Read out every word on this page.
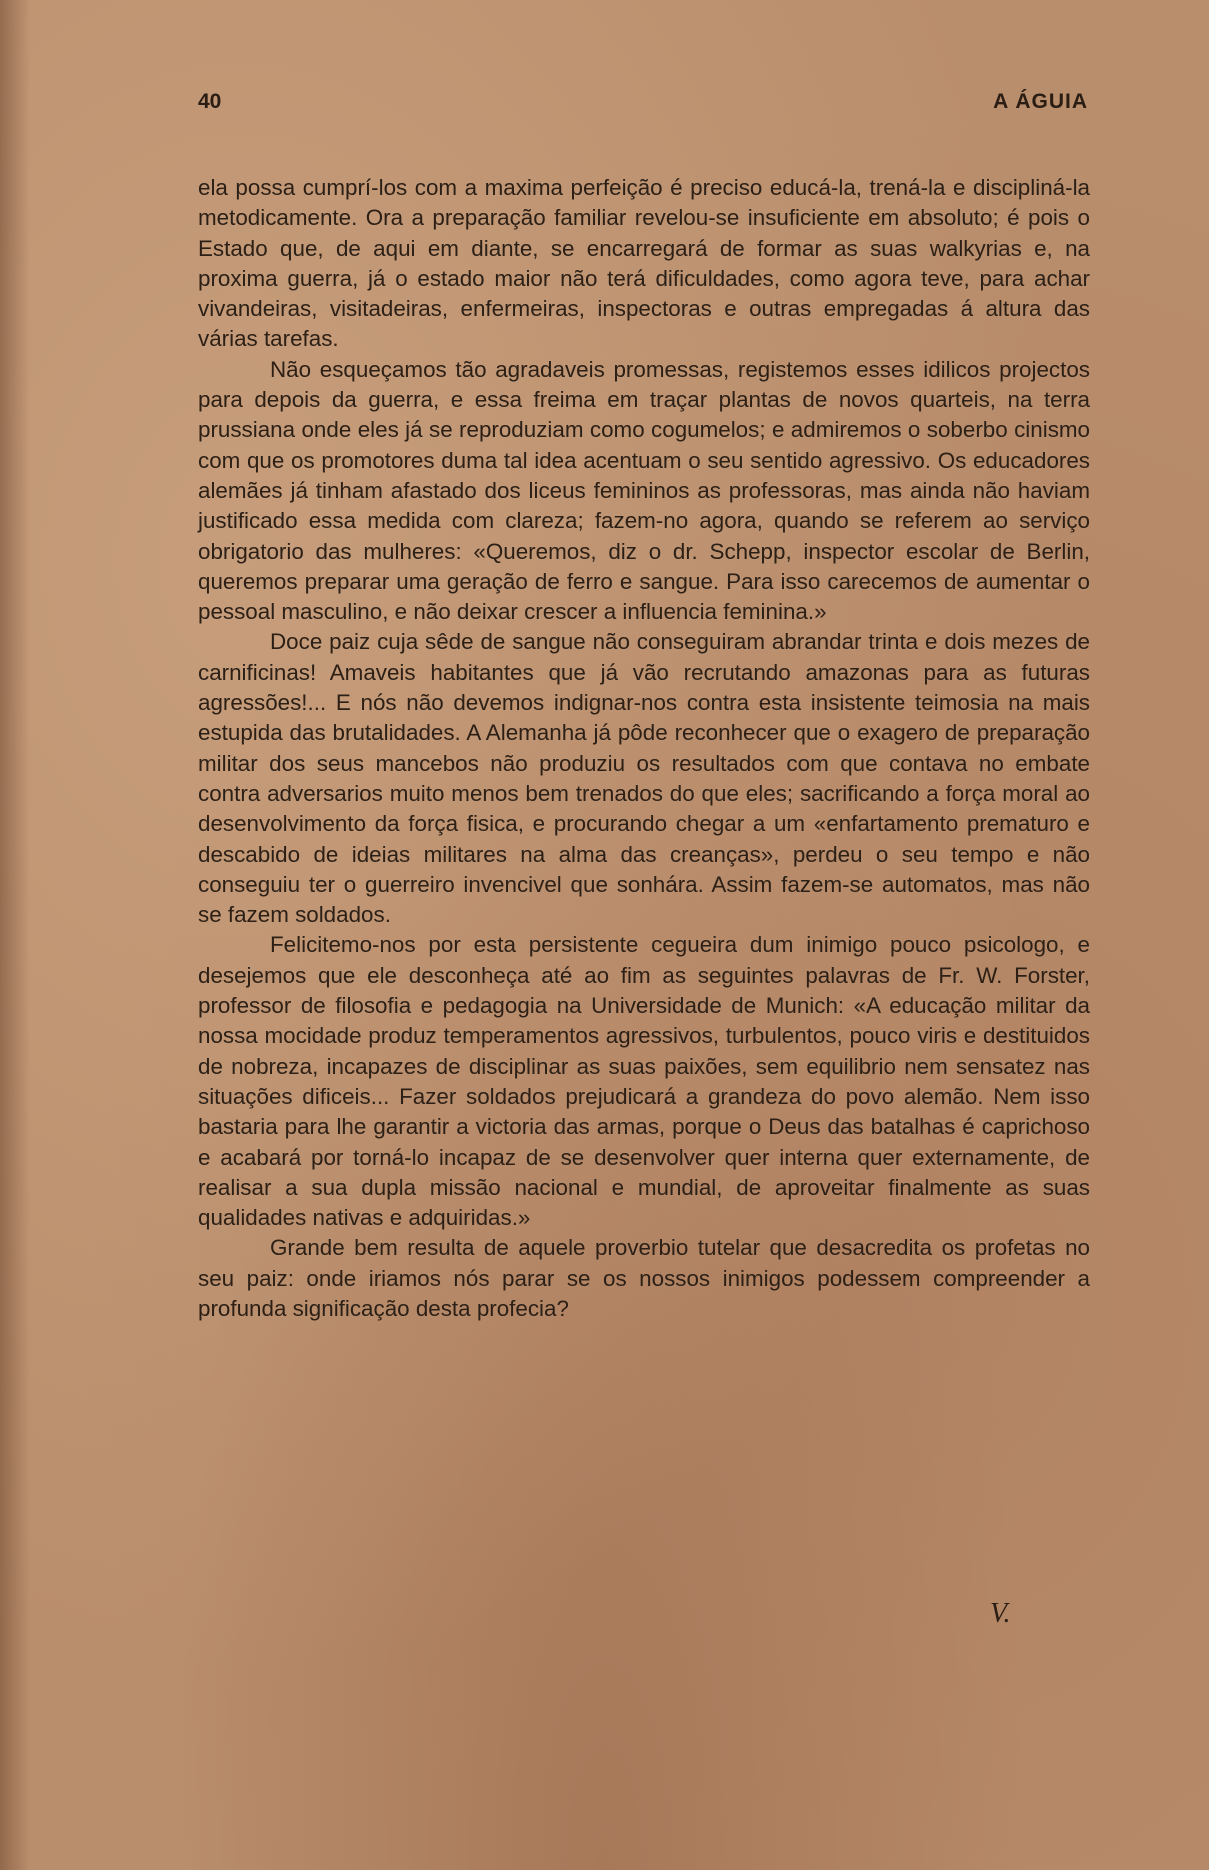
40	A ÁGUIA

ela possa cumprí-los com a maxima perfeição é preciso educá-la, trená-la e discipliná-la metodicamente. Ora a preparação familiar revelou-se insuficiente em absoluto; é pois o Estado que, de aqui em diante, se encarregará de formar as suas walkyrias e, na proxima guerra, já o estado maior não terá dificuldades, como agora teve, para achar vivandeiras, visitadeiras, enfermeiras, inspectoras e outras empregadas á altura das várias tarefas.

Não esqueçamos tão agradaveis promessas, registemos esses idilicos projectos para depois da guerra, e essa freima em traçar plantas de novos quarteis, na terra prussiana onde eles já se reproduziam como cogumelos; e admiremos o soberbo cinismo com que os promotores duma tal idea acentuam o seu sentido agressivo. Os educadores alemães já tinham afastado dos liceus femininos as professoras, mas ainda não haviam justificado essa medida com clareza; fazem-no agora, quando se referem ao serviço obrigatorio das mulheres: «Queremos, diz o dr. Schepp, inspector escolar de Berlin, queremos preparar uma geração de ferro e sangue. Para isso carecemos de aumentar o pessoal masculino, e não deixar crescer a influencia feminina.»

Doce paiz cuja sêde de sangue não conseguiram abrandar trinta e dois mezes de carnificinas! Amaveis habitantes que já vão recrutando amazonas para as futuras agressões!... E nós não devemos indignar-nos contra esta insistente teimosia na mais estupida das brutalidades. A Alemanha já pôde reconhecer que o exagero de preparação militar dos seus mancebos não produziu os resultados com que contava no embate contra adversarios muito menos bem trenados do que eles; sacrificando a força moral ao desenvolvimento da força fisica, e procurando chegar a um «enfartamento prematuro e descabido de ideias militares na alma das creanças», perdeu o seu tempo e não conseguiu ter o guerreiro invencivel que sonhára. Assim fazem-se automatos, mas não se fazem soldados.

Felicitemo-nos por esta persistente cegueira dum inimigo pouco psicologo, e desejemos que ele desconheça até ao fim as seguintes palavras de Fr. W. Forster, professor de filosofia e pedagogia na Universidade de Munich: «A educação militar da nossa mocidade produz temperamentos agressivos, turbulentos, pouco viris e destituidos de nobreza, incapazes de disciplinar as suas paixões, sem equilibrio nem sensatez nas situações dificeis... Fazer soldados prejudicará a grandeza do povo alemão. Nem isso bastaria para lhe garantir a victoria das armas, porque o Deus das batalhas é caprichoso e acabará por torná-lo incapaz de se desenvolver quer interna quer externamente, de realisar a sua dupla missão nacional e mundial, de aproveitar finalmente as suas qualidades nativas e adquiridas.»

Grande bem resulta de aquele proverbio tutelar que desacredita os profetas no seu paiz: onde iriamos nós parar se os nossos inimigos podessem compreender a profunda significação desta profecia?

V.
